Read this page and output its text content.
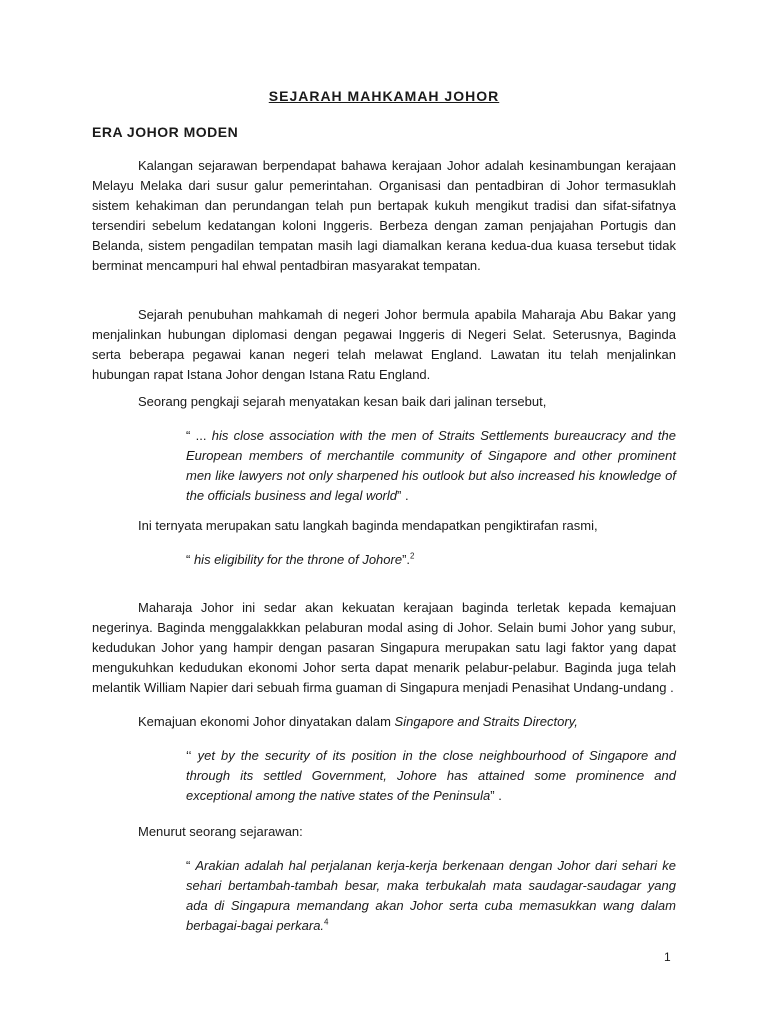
SEJARAH MAHKAMAH JOHOR
ERA JOHOR MODEN

Kalangan sejarawan berpendapat bahawa kerajaan Johor adalah kesinambungan kerajaan Melayu Melaka dari susur galur pemerintahan. Organisasi dan pentadbiran di Johor termasuklah sistem kehakiman dan perundangan telah pun bertapak kukuh mengikut tradisi dan sifat-sifatnya tersendiri sebelum kedatangan koloni Inggeris. Berbeza dengan zaman penjajahan Portugis dan Belanda, sistem pengadilan tempatan masih lagi diamalkan kerana kedua-dua kuasa tersebut tidak berminat mencampuri hal ehwal pentadbiran masyarakat tempatan.

Sejarah penubuhan mahkamah di negeri Johor bermula apabila Maharaja Abu Bakar yang menjalinkan hubungan diplomasi dengan pegawai Inggeris di Negeri Selat. Seterusnya, Baginda serta beberapa pegawai kanan negeri telah melawat England. Lawatan itu telah menjalinkan hubungan rapat Istana Johor dengan Istana Ratu England.

Seorang pengkaji sejarah menyatakan kesan baik dari jalinan tersebut,

“ ... his close association with the men of Straits Settlements bureaucracy and the European members of merchantile community of Singapore and other prominent men like lawyers not only sharpened his outlook but also increased his knowledge of the officials business and legal world” .

Ini ternyata merupakan satu langkah baginda mendapatkan pengiktirafan rasmi,

“ his eligibility for the throne of Johore”.$^2$

Maharaja Johor ini sedar akan kekuatan kerajaan baginda terletak kepada kemajuan negerinya. Baginda menggalakkkan pelaburan modal asing di Johor. Selain bumi Johor yang subur, kedudukan Johor yang hampir dengan pasaran Singapura merupakan satu lagi faktor yang dapat mengukuhkan kedudukan ekonomi Johor serta dapat menarik pelabur-pelabur. Baginda juga telah melantik William Napier dari sebuah firma guaman di Singapura menjadi Penasihat Undang-undang .

Kemajuan ekonomi Johor dinyatakan dalam Singapore and Straits Directory,

‘‘ yet by the security of its position in the close neighbourhood of Singapore and through its settled Government, Johore has attained some prominence and exceptional among the native states of the Peninsula” .

Menurut seorang sejarawan:

“ Arakian adalah hal perjalanan kerja-kerja berkenaan dengan Johor dari sehari ke sehari bertambah-tambah besar, maka terbukalah mata saudagar-saudagar yang ada di Singapura memandang akan Johor serta cuba memasukkan wang dalam berbagai-bagai perkara.$^4$

1
